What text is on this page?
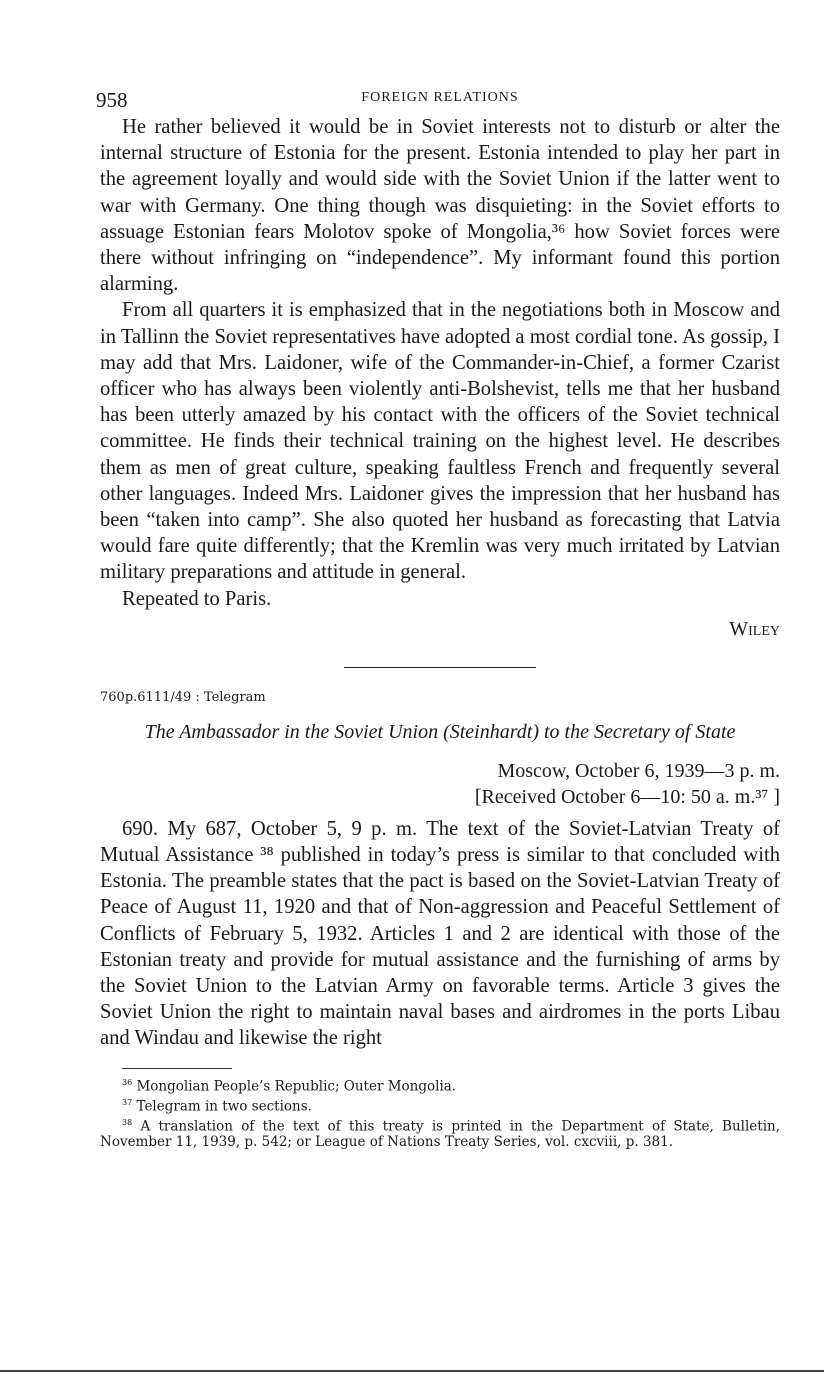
958	FOREIGN RELATIONS

He rather believed it would be in Soviet interests not to disturb or alter the internal structure of Estonia for the present. Estonia intended to play her part in the agreement loyally and would side with the Soviet Union if the latter went to war with Germany. One thing though was disquieting: in the Soviet efforts to assuage Estonian fears Molotov spoke of Mongolia,³⁶ how Soviet forces were there without infringing on “independence”. My informant found this portion alarming.

From all quarters it is emphasized that in the negotiations both in Moscow and in Tallinn the Soviet representatives have adopted a most cordial tone. As gossip, I may add that Mrs. Laidoner, wife of the Commander-in-Chief, a former Czarist officer who has always been violently anti-Bolshevist, tells me that her husband has been utterly amazed by his contact with the officers of the Soviet technical committee. He finds their technical training on the highest level. He describes them as men of great culture, speaking faultless French and frequently several other languages. Indeed Mrs. Laidoner gives the impression that her husband has been “taken into camp”. She also quoted her husband as forecasting that Latvia would fare quite differently; that the Kremlin was very much irritated by Latvian military preparations and attitude in general.

Repeated to Paris.

Wiley
760p.6111/49 : Telegram
The Ambassador in the Soviet Union (Steinhardt) to the Secretary of State
Moscow, October 6, 1939—3 p. m.
[Received October 6—10: 50 a. m.³⁷ ]

690. My 687, October 5, 9 p. m. The text of the Soviet-Latvian Treaty of Mutual Assistance ³⁸ published in today’s press is similar to that concluded with Estonia. The preamble states that the pact is based on the Soviet-Latvian Treaty of Peace of August 11, 1920 and that of Non-aggression and Peaceful Settlement of Conflicts of February 5, 1932. Articles 1 and 2 are identical with those of the Estonian treaty and provide for mutual assistance and the furnishing of arms by the Soviet Union to the Latvian Army on favorable terms. Article 3 gives the Soviet Union the right to maintain naval bases and airdromes in the ports Libau and Windau and likewise the right

$^{36}$ Mongolian People’s Republic; Outer Mongolia.

$^{37}$ Telegram in two sections.

$^{38}$ A translation of the text of this treaty is printed in the Department of State, Bulletin, November 11, 1939, p. 542; or League of Nations Treaty Series, vol. cxcviii, p. 381.
